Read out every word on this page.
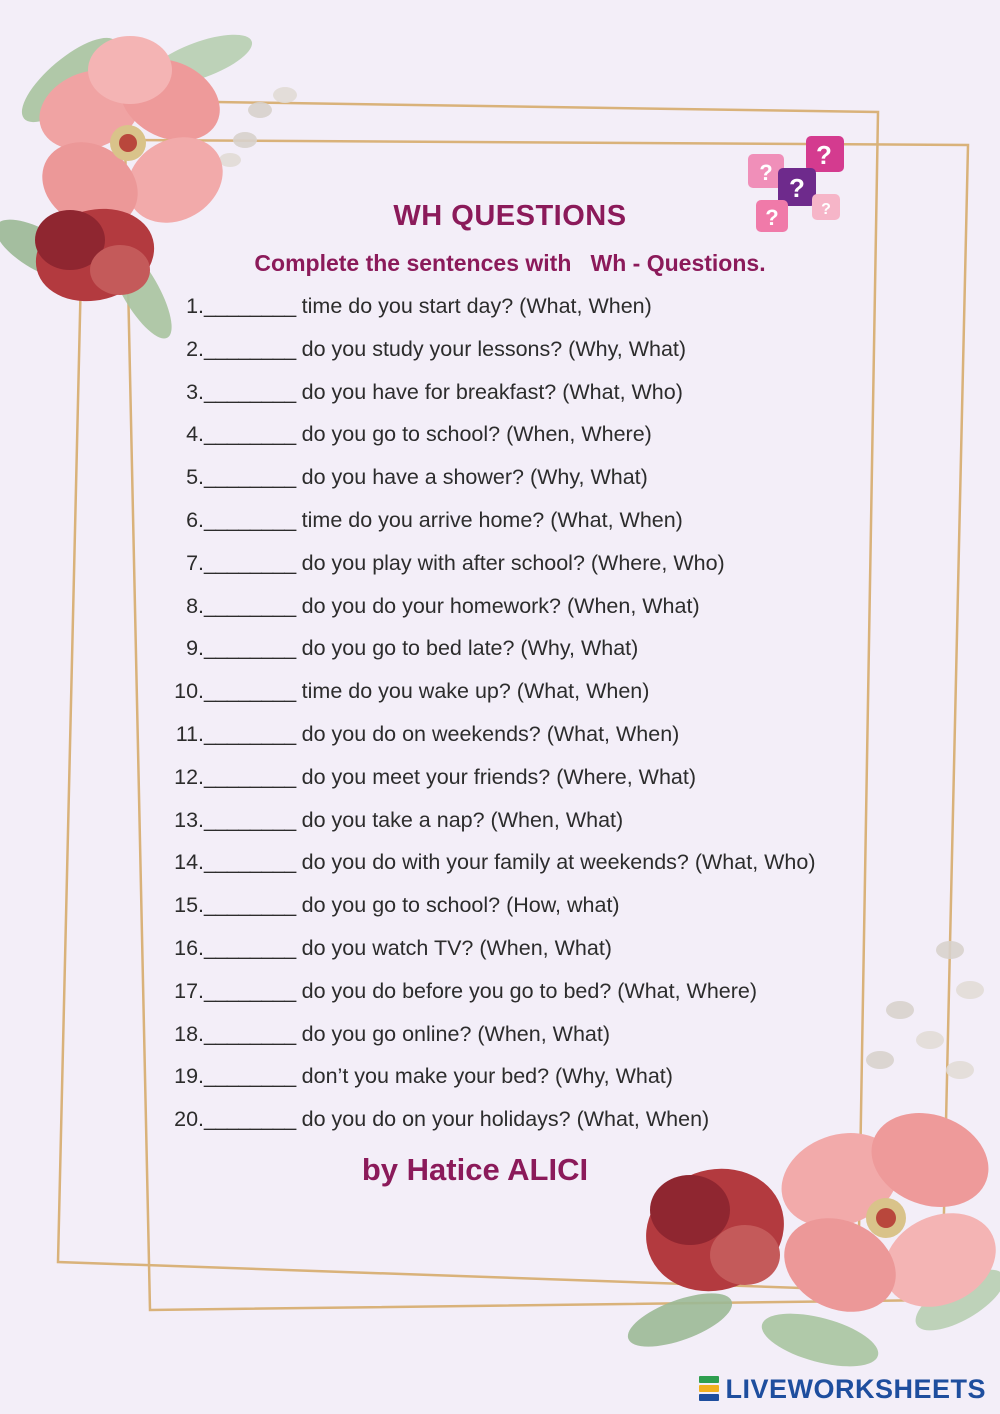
?
?
?
?
?
WH QUESTIONS
Complete the sentences with   Wh - Questions.
1. ________ time do you start day? (What, When)
2. ________ do you study your lessons? (Why, What)
3. ________ do you have for breakfast? (What, Who)
4. ________ do you go to school? (When, Where)
5. ________ do you have a shower? (Why, What)
6. ________ time do you arrive home? (What, When)
7. ________ do you play with after school? (Where, Who)
8. ________ do you do your homework? (When, What)
9. ________ do you go to bed late? (Why, What)
10. ________ time do you wake up? (What, When)
11. ________ do you do on weekends? (What, When)
12. ________ do you meet your friends? (Where, What)
13. ________ do you take a nap? (When, What)
14. ________ do you do with your family at weekends? (What, Who)
15. ________ do you go to school? (How, what)
16. ________ do you watch TV? (When, What)
17. ________ do you do before you go to bed? (What, Where)
18. ________ do you go online? (When, What)
19. ________ don’t you make your bed? (Why, What)
20. ________ do you do on your holidays? (What, When)
by Hatice ALICI
LIVEWORKSHEETS
